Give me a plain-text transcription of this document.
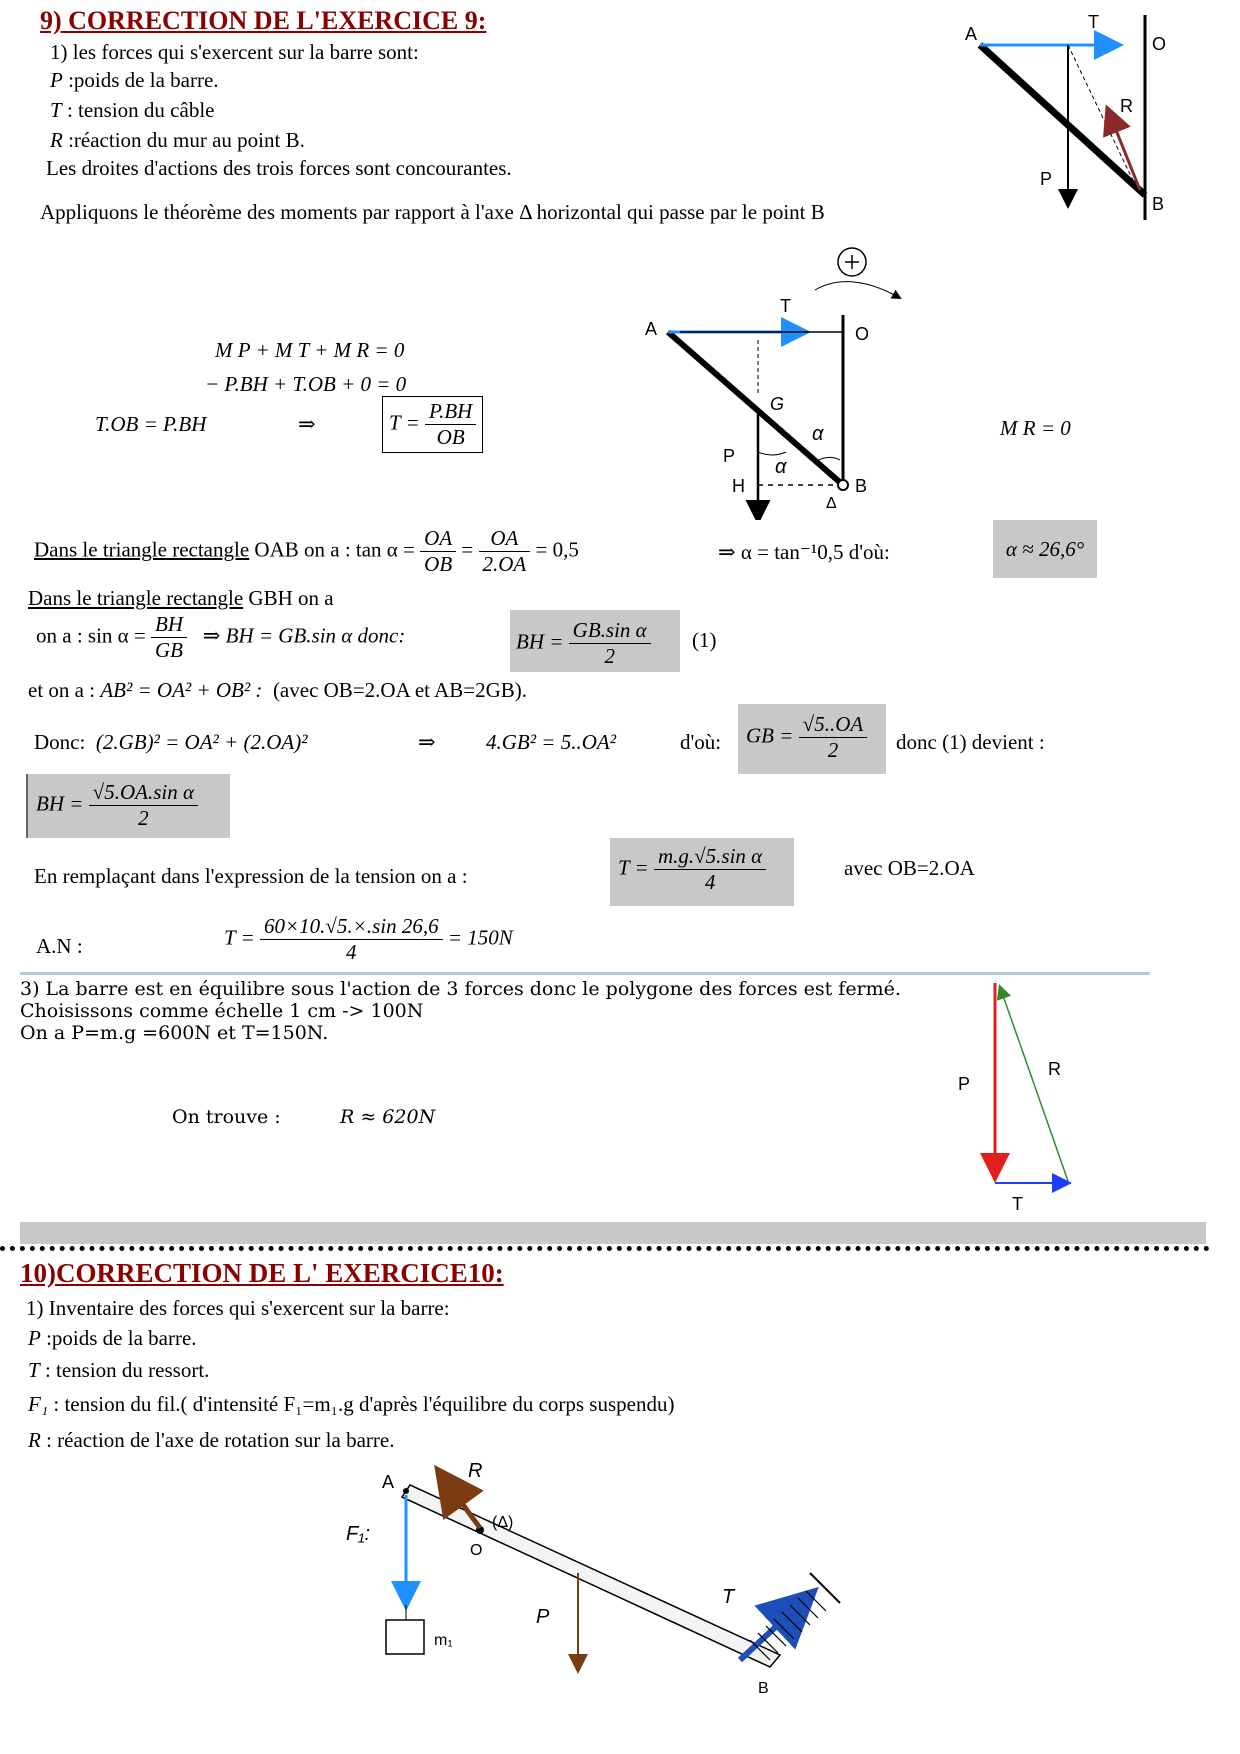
9) CORRECTION DE L'EXERCICE 9:
1) les forces qui s'exercent sur la barre sont:
P :poids de la barre.
T : tension du câble
R :réaction du mur au point B.
Les droites d'actions des trois forces sont concourantes.
Appliquons le théorème des moments par rapport à l'axe Δ horizontal qui passe par le point B
A	O
B
T
R
P
M P + M T + M R = 0
− P.BH + T.OB + 0 = 0
T.OB = P.BH	⇒	$T = \frac{P.BH}{OB}$
⊕
A	O
B
G
H
α
α
Δ
T
P
M R = 0
Dans le triangle rectangle OAB on a : $\tan \alpha = \frac{OA}{OB} = \frac{OA}{2.OA} = 0,5$	⇒ α = tan⁻¹0,5 d'où:	α ≈ 26,6°
Dans le triangle rectangle GBH on a
on a : $\sin \alpha = \frac{BH}{GB}$ ⇒ BH = GB.sin α donc:	BH = $\frac{\text{GB.sin α}}{2} (1)$
et on a : AB² = OA² + OB² : (avec OB=2.OA et AB=2GB).
Donc: (2.GB)² = OA² + (2.OA)²	⇒ 4.GB² = 5..OA²	d'où: GB = $\frac{√5..OA}{2}$ donc (1) devient :
BH = $\frac{\text{√5.OA.sin α}}{2}$
En remplaçant dans l'expression de la tension on a :	$T = \frac{\text{m.g.√5.sin α}}{4}$	avec OB=2.OA
A.N :	$T = \frac{60\times 10.√5.\times.\sin 26,6}{4} = 150N$
3) La barre est en équilibre sous l'action de 3 forces donc le polygone des forces est fermé.
Choisissons comme échelle 1 cm -> 100N
On a P=m.g =600N et T=150N.
On trouve :	R ≈ 620N
P
R
T
10)CORRECTION DE L' EXERCICE10:
1) Inventaire des forces qui s'exercent sur la barre:
P :poids de la barre.
T : tension du ressort.
F₁ : tension du fil.( d'intensité F₁=m₁.g d'après l'équilibre du corps suspendu)
R : réaction de l'axe de rotation sur la barre.
A
O
(Δ)
B
m₁
R
F₁:
P
T
